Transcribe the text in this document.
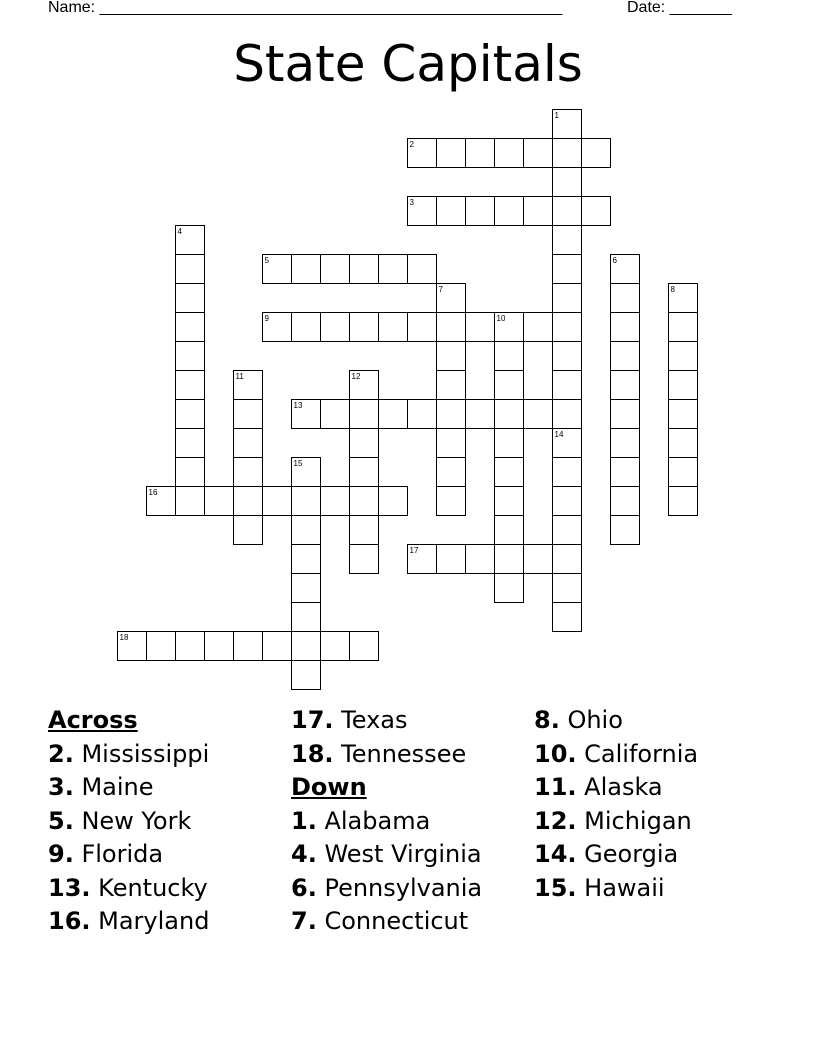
Name: ____________________________________________________	Date: _______
State Capitals
1
2
3
4
5	6
7	8
9	10
11	12
13
14
15
16
17
18
Across
2. Mississippi
3. Maine
5. New York
9. Florida
13. Kentucky
16. Maryland
17. Texas
18. Tennessee
Down
1. Alabama
4. West Virginia
6. Pennsylvania
7. Connecticut
8. Ohio
10. California
11. Alaska
12. Michigan
14. Georgia
15. Hawaii
